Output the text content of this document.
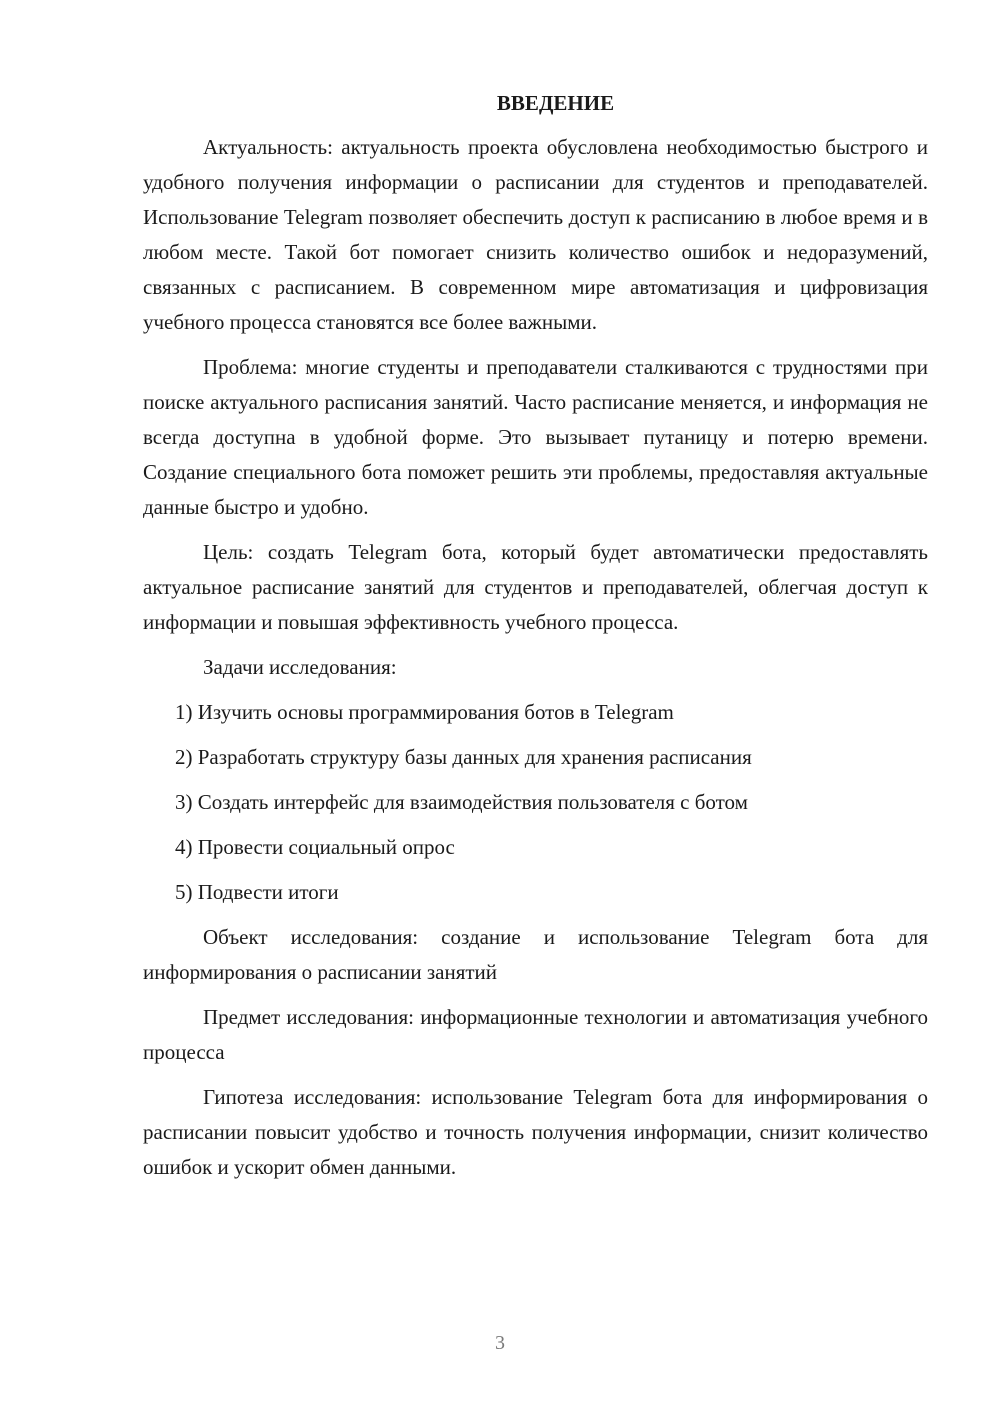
ВВЕДЕНИЕ

Актуальность: актуальность проекта обусловлена необходимостью быстрого и удобного получения информации о расписании для студентов и преподавателей. Использование Telegram позволяет обеспечить доступ к расписанию в любое время и в любом месте. Такой бот помогает снизить количество ошибок и недоразумений, связанных с расписанием. В современном мире автоматизация и цифровизация учебного процесса становятся все более важными.

Проблема: многие студенты и преподаватели сталкиваются с трудностями при поиске актуального расписания занятий. Часто расписание меняется, и информация не всегда доступна в удобной форме. Это вызывает путаницу и потерю времени. Создание специального бота поможет решить эти проблемы, предоставляя актуальные данные быстро и удобно.

Цель: создать Telegram бота, который будет автоматически предоставлять актуальное расписание занятий для студентов и преподавателей, облегчая доступ к информации и повышая эффективность учебного процесса.

Задачи исследования:

1) Изучить основы программирования ботов в Telegram

2) Разработать структуру базы данных для хранения расписания

3) Создать интерфейс для взаимодействия пользователя с ботом

4) Провести социальный опрос

5) Подвести итоги

Объект исследования: создание и использование Telegram бота для информирования о расписании занятий

Предмет исследования: информационные технологии и автоматизация учебного процесса

Гипотеза исследования: использование Telegram бота для информирования о расписании повысит удобство и точность получения информации, снизит количество ошибок и ускорит обмен данными.

3
